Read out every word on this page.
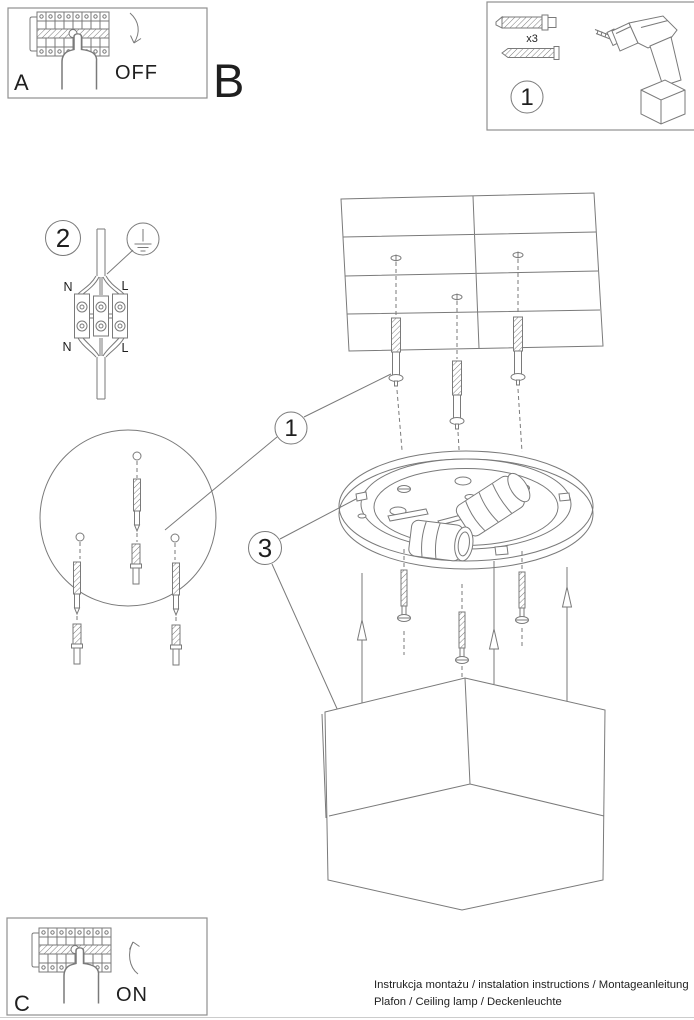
A	OFF B
x3
1
2
N	L
N	L
1
3
C	ON	Instrukcja montażu / instalation instructions / Montageanleitung
Plafon / Ceiling lamp / Deckenleuchte
